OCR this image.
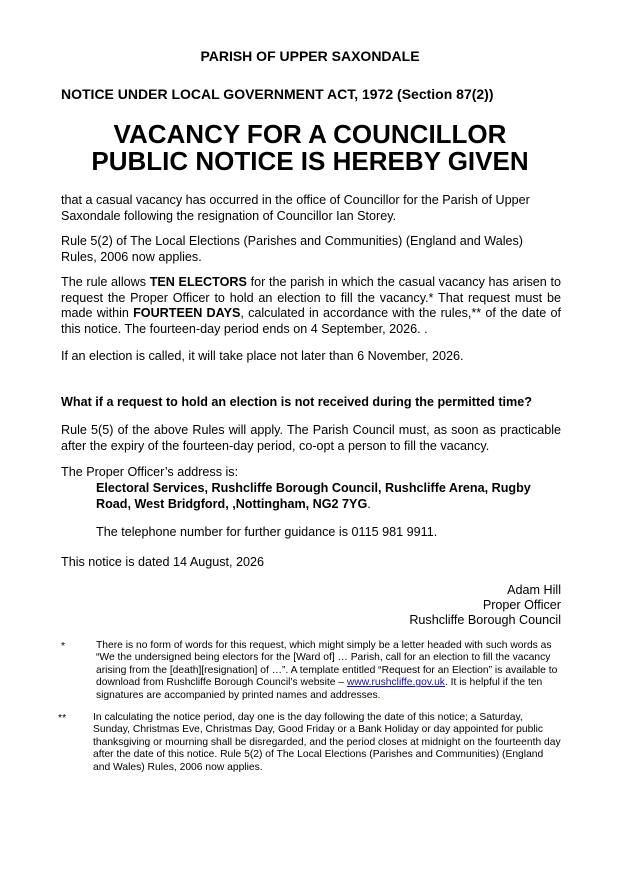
PARISH OF UPPER SAXONDALE

NOTICE UNDER LOCAL GOVERNMENT ACT, 1972 (Section 87(2))

VACANCY FOR A COUNCILLOR

PUBLIC NOTICE IS HEREBY GIVEN

that a casual vacancy has occurred in the office of Councillor for the Parish of Upper Saxondale following the resignation of Councillor Ian Storey.

Rule 5(2) of The Local Elections (Parishes and Communities) (England and Wales) Rules, 2006 now applies.

The rule allows TEN ELECTORS for the parish in which the casual vacancy has arisen to request the Proper Officer to hold an election to fill the vacancy.* That request must be made within FOURTEEN DAYS, calculated in accordance with the rules,** of the date of this notice. The fourteen-day period ends on 4 September, 2026. .

If an election is called, it will take place not later than 6 November, 2026.

What if a request to hold an election is not received during the permitted time?

Rule 5(5) of the above Rules will apply. The Parish Council must, as soon as practicable after the expiry of the fourteen-day period, co-opt a person to fill the vacancy.

The Proper Officer’s address is:

Electoral Services, Rushcliffe Borough Council, Rushcliffe Arena, Rugby Road, West Bridgford, ,Nottingham, NG2 7YG.

The telephone number for further guidance is 0115 981 9911.

This notice is dated 14 August, 2026

Adam Hill

Proper Officer

Rushcliffe Borough Council

*	There is no form of words for this request, which might simply be a letter headed with such words as “We the undersigned being electors for the [Ward of] … Parish, call for an election to fill the vacancy arising from the [death][resignation] of …”. A template entitled “Request for an Election” is available to download from Rushcliffe Borough Council’s website – www.rushcliffe.gov.uk. It is helpful if the ten signatures are accompanied by printed names and addresses.

**	In calculating the notice period, day one is the day following the date of this notice; a Saturday, Sunday, Christmas Eve, Christmas Day, Good Friday or a Bank Holiday or day appointed for public thanksgiving or mourning shall be disregarded, and the period closes at midnight on the fourteenth day after the date of this notice. Rule 5(2) of The Local Elections (Parishes and Communities) (England and Wales) Rules, 2006 now applies.
